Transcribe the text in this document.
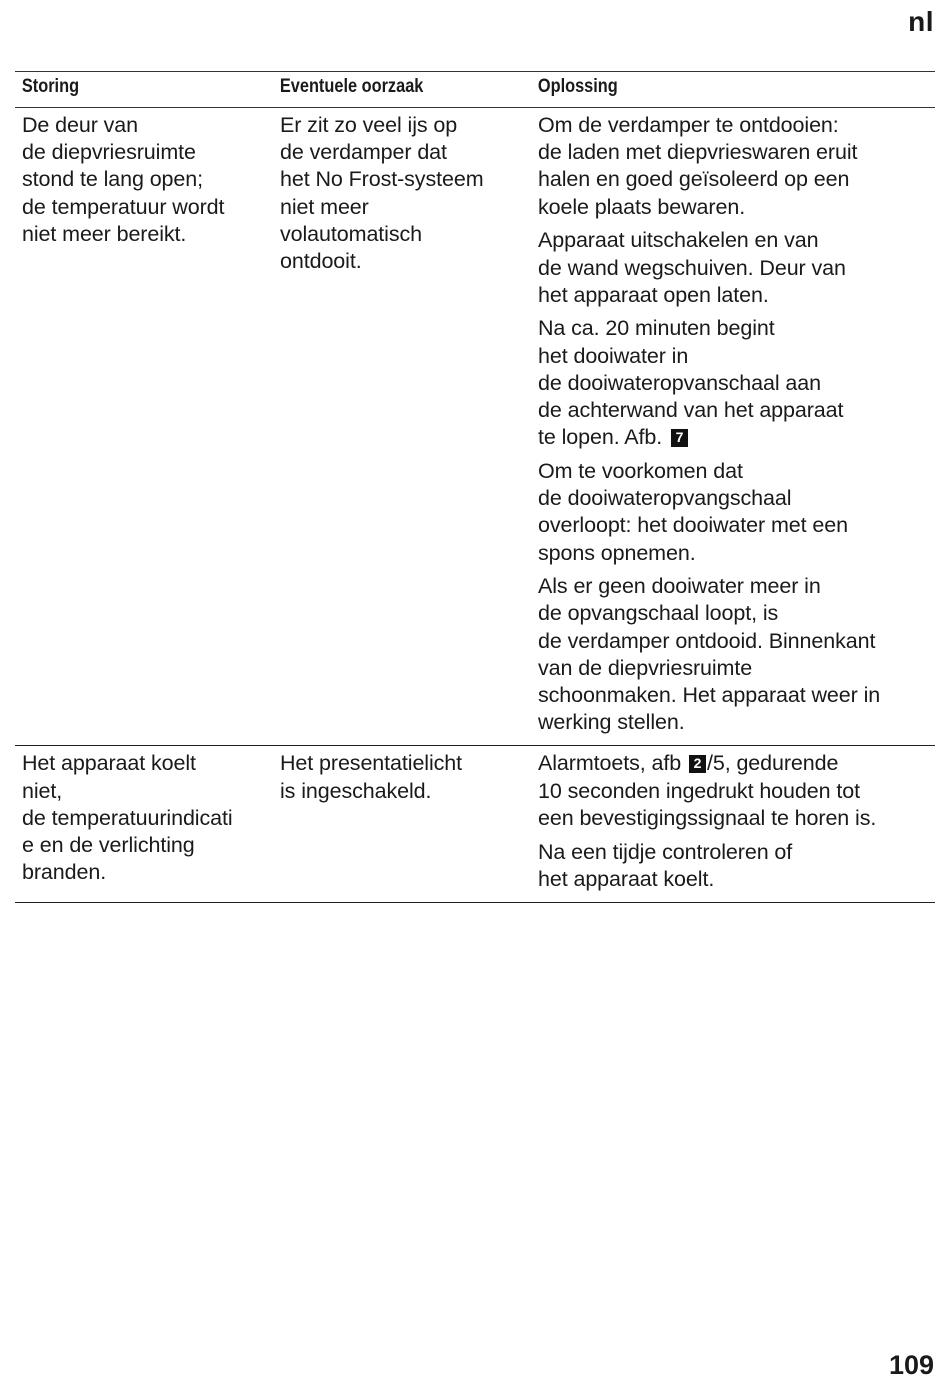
nl
Storing	Eventuele oorzaak	Oplossing
De deur van
de diepvriesruimte
stond te lang open;
de temperatuur wordt
niet meer bereikt.
Er zit zo veel ijs op
de verdamper dat
het No Frost-systeem
niet meer
volautomatisch
ontdooit.
Om de verdamper te ontdooien:
de laden met diepvrieswaren eruit
halen en goed geïsoleerd op een
koele plaats bewaren.
Apparaat uitschakelen en van
de wand wegschuiven. Deur van
het apparaat open laten.
Na ca. 20 minuten begint
het dooiwater in
de dooiwateropvanschaal aan
de achterwand van het apparaat
te lopen. Afb. 7
Om te voorkomen dat
de dooiwateropvangschaal
overloopt: het dooiwater met een
spons opnemen.
Als er geen dooiwater meer in
de opvangschaal loopt, is
de verdamper ontdooid. Binnenkant
van de diepvriesruimte
schoonmaken. Het apparaat weer in
werking stellen.
Het apparaat koelt
niet,
de temperatuurindicati
e en de verlichting
branden.
Het presentatielicht
is ingeschakeld.
Alarmtoets, afb 2 /5, gedurende
10 seconden ingedrukt houden tot
een bevestigingssignaal te horen is.
Na een tijdje controleren of
het apparaat koelt.
109
